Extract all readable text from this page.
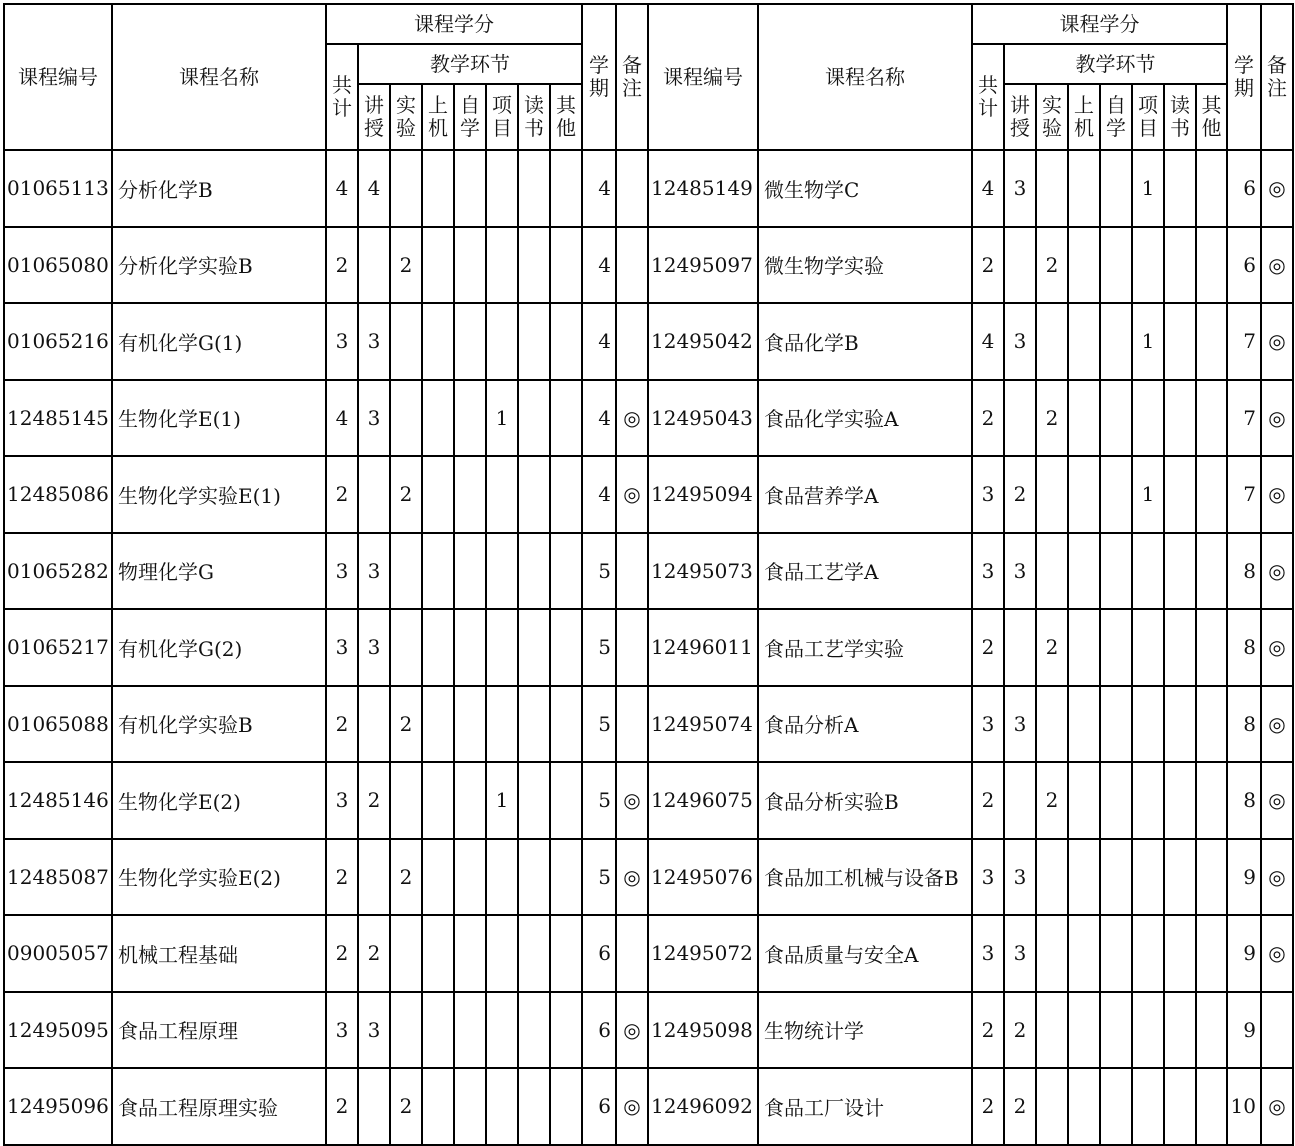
课程编号	课程名称	课程学分								学期	备注	课程编号	课程名称	课程学分								学期	备注
		共计	教学环节											共计	教学环节								
			讲授	实验	上机	自学	项目	读书	其他						讲授	实验	上机	自学	项目	读书	其他		
01065113	分析化学B	4	4							4		12485149	微生物学C	4	3				1			6	◎
01065080	分析化学实验B	2		2						4		12495097	微生物学实验	2		2						6	◎
01065216	有机化学G(1)	3	3							4		12495042	食品化学B	4	3				1			7	◎
12485145	生物化学E(1)	4	3				1			4	◎	12495043	食品化学实验A	2		2						7	◎
12485086	生物化学实验E(1)	2		2						4	◎	12495094	食品营养学A	3	2				1			7	◎
01065282	物理化学G	3	3							5		12495073	食品工艺学A	3	3							8	◎
01065217	有机化学G(2)	3	3							5		12496011	食品工艺学实验	2		2						8	◎
01065088	有机化学实验B	2		2						5		12495074	食品分析A	3	3							8	◎
12485146	生物化学E(2)	3	2				1			5	◎	12496075	食品分析实验B	2		2						8	◎
12485087	生物化学实验E(2)	2		2						5	◎	12495076	食品加工机械与设备B	3	3							9	◎
09005057	机械工程基础	2	2							6		12495072	食品质量与安全A	3	3							9	◎
12495095	食品工程原理	3	3							6	◎	12495098	生物统计学	2	2							9	
12495096	食品工程原理实验	2		2						6	◎	12496092	食品工厂设计	2	2							10	◎
